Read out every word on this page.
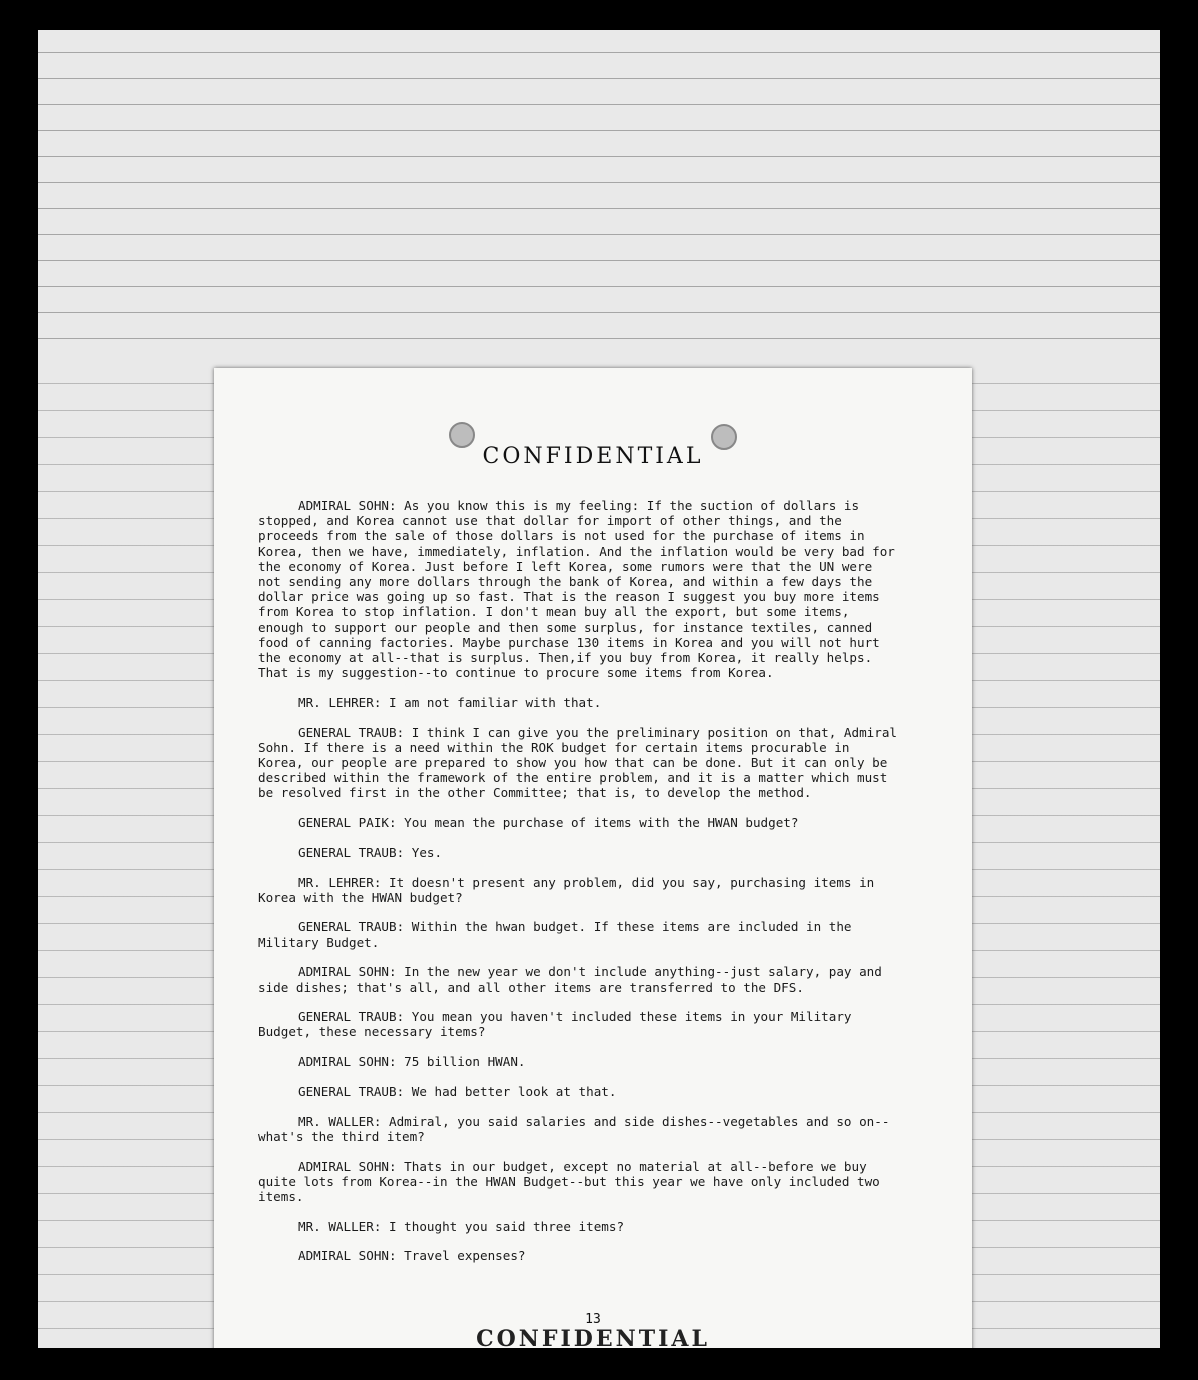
CONFIDENTIAL

ADMIRAL SOHN: As you know this is my feeling: If the suction of dollars is stopped, and Korea cannot use that dollar for import of other things, and the proceeds from the sale of those dollars is not used for the purchase of items in Korea, then we have, immediately, inflation. And the inflation would be very bad for the economy of Korea. Just before I left Korea, some rumors were that the UN were not sending any more dollars through the bank of Korea, and within a few days the dollar price was going up so fast. That is the reason I suggest you buy more items from Korea to stop inflation. I don't mean buy all the export, but some items, enough to support our people and then some surplus, for instance textiles, canned food of canning factories. Maybe purchase 130 items in Korea and you will not hurt the economy at all--that is surplus. Then,if you buy from Korea, it really helps. That is my suggestion--to continue to procure some items from Korea.

MR. LEHRER: I am not familiar with that.

GENERAL TRAUB: I think I can give you the preliminary position on that, Admiral Sohn. If there is a need within the ROK budget for certain items procurable in Korea, our people are prepared to show you how that can be done. But it can only be described within the framework of the entire problem, and it is a matter which must be resolved first in the other Committee; that is, to develop the method.

GENERAL PAIK: You mean the purchase of items with the HWAN budget?

GENERAL TRAUB: Yes.

MR. LEHRER: It doesn't present any problem, did you say, purchasing items in Korea with the HWAN budget?

GENERAL TRAUB: Within the hwan budget. If these items are included in the Military Budget.

ADMIRAL SOHN: In the new year we don't include anything--just salary, pay and side dishes; that's all, and all other items are transferred to the DFS.

GENERAL TRAUB: You mean you haven't included these items in your Military Budget, these necessary items?

ADMIRAL SOHN: 75 billion HWAN.

GENERAL TRAUB: We had better look at that.

MR. WALLER: Admiral, you said salaries and side dishes--vegetables and so on--what's the third item?

ADMIRAL SOHN: Thats in our budget, except no material at all--before we buy quite lots from Korea--in the HWAN Budget--but this year we have only included two items.

MR. WALLER: I thought you said three items?

ADMIRAL SOHN: Travel expenses?

13
CONFIDENTIAL
